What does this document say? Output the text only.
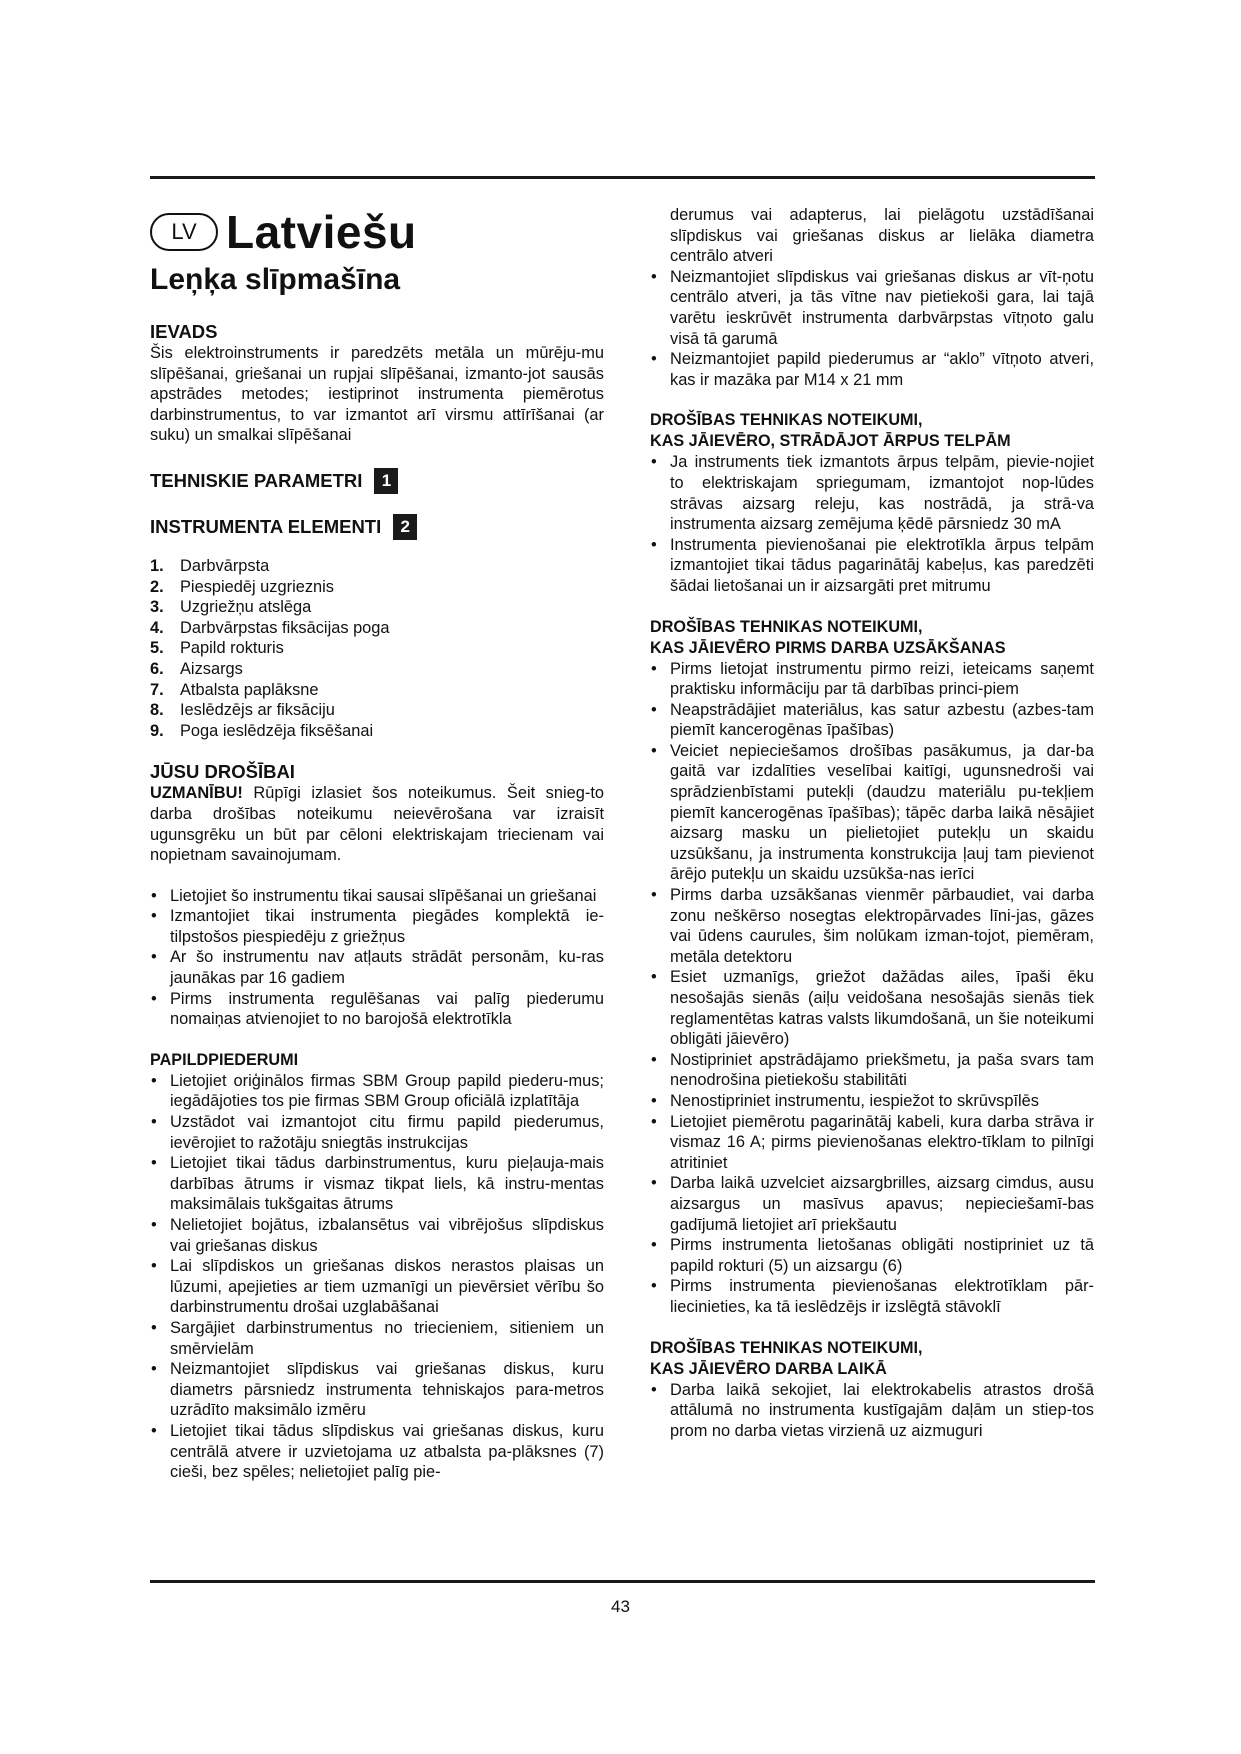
LV Latviešu
Leņķa slīpmašīna
IEVADS
Šis elektroinstruments ir paredzēts metāla un mūrēju-mu slīpēšanai, griešanai un rupjai slīpēšanai, izmanto-jot sausās apstrādes metodes; iestiprinot instrumenta piemērotus darbinstrumentus, to var izmantot arī virsmu attīrīšanai (ar suku) un smalkai slīpēšanai
TEHNISKIE PARAMETRI	1
INSTRUMENTA ELEMENTI	2
1. Darbvārpsta
2. Piespiedēj uzgrieznis
3. Uzgriežņu atslēga
4. Darbvārpstas fiksācijas poga
5. Papild rokturis
6. Aizsargs
7. Atbalsta paplāksne
8. Ieslēdzējs ar fiksāciju
9. Poga ieslēdzēja fiksēšanai
JŪSU DROŠĪBAI
UZMANĪBU! Rūpīgi izlasiet šos noteikumus. Šeit snieg-to darba drošības noteikumu neievērošana var izraisīt ugunsgrēku un būt par cēloni elektriskajam triecienam vai nopietnam savainojumam.
• Lietojiet šo instrumentu tikai sausai slīpēšanai un griešanai
• Izmantojiet tikai instrumenta piegādes komplektā ie-tilpstošos piespiedēju z griežņus
• Ar šo instrumentu nav atļauts strādāt personām, ku-ras jaunākas par 16 gadiem
• Pirms instrumenta regulēšanas vai palīg piederumu nomaiņas atvienojiet to no barojošā elektrotīkla
PAPILDPIEDERUMI
• Lietojiet oriģinālos firmas SBM Group papild piederu-mus; iegādājoties tos pie firmas SBM Group oficiālā izplatītāja
• Uzstādot vai izmantojot citu firmu papild piederumus, ievērojiet to ražotāju sniegtās instrukcijas
• Lietojiet tikai tādus darbinstrumentus, kuru pieļauja-mais darbības ātrums ir vismaz tikpat liels, kā instru-mentas maksimālais tukšgaitas ātrums
• Nelietojiet bojātus, izbalansētus vai vibrējošus slīpdiskus vai griešanas diskus
• Lai slīpdiskos un griešanas diskos nerastos plaisas un lūzumi, apejieties ar tiem uzmanīgi un pievērsiet vērību šo darbinstrumentu drošai uzglabāšanai
• Sargājiet darbinstrumentus no triecieniem, sitieniem un smērvielām
• Neizmantojiet slīpdiskus vai griešanas diskus, kuru diametrs pārsniedz instrumenta tehniskajos para-metros uzrādīto maksimālo izmēru
• Lietojiet tikai tādus slīpdiskus vai griešanas diskus, kuru centrālā atvere ir uzvietojama uz atbalsta pa-plāksnes (7) cieši, bez spēles; nelietojiet palīg pie-
derumus vai adapterus, lai pielāgotu uzstādīšanai slīpdiskus vai griešanas diskus ar lielāka diametra centrālo atveri
• Neizmantojiet slīpdiskus vai griešanas diskus ar vīt-ņotu centrālo atveri, ja tās vītne nav pietiekoši gara, lai tajā varētu ieskrūvēt instrumenta darbvārpstas vītņoto galu visā tā garumā
• Neizmantojiet papild piederumus ar “aklo” vītņoto atveri, kas ir mazāka par M14 x 21 mm
DROŠĪBAS TEHNIKAS NOTEIKUMI,
KAS JĀIEVĒRO, STRĀDĀJOT ĀRPUS TELPĀM
• Ja instruments tiek izmantots ārpus telpām, pievie-nojiet to elektriskajam spriegumam, izmantojot nop-lūdes strāvas aizsarg releju, kas nostrādā, ja strā-va instrumenta aizsarg zemējuma ķēdē pārsniedz 30 mA
• Instrumenta pievienošanai pie elektrotīkla ārpus telpām izmantojiet tikai tādus pagarinātāj kabeļus, kas paredzēti šādai lietošanai un ir aizsargāti pret mitrumu
DROŠĪBAS TEHNIKAS NOTEIKUMI,
KAS JĀIEVĒRO PIRMS DARBA UZSĀKŠANAS
• Pirms lietojat instrumentu pirmo reizi, ieteicams saņemt praktisku informāciju par tā darbības princi-piem
• Neapstrādājiet materiālus, kas satur azbestu (azbes-tam piemīt kancerogēnas īpašības)
• Veiciet nepieciešamos drošības pasākumus, ja dar-ba gaitā var izdalīties veselībai kaitīgi, ugunsnedroši vai sprādzienbīstami putekļi (daudzu materiālu pu-tekļiem piemīt kancerogēnas īpašības); tāpēc darba laikā nēsājiet aizsarg masku un pielietojiet putekļu un skaidu uzsūkšanu, ja instrumenta konstrukcija ļauj tam pievienot ārējo putekļu un skaidu uzsūkša-nas ierīci
• Pirms darba uzsākšanas vienmēr pārbaudiet, vai darba zonu neškērso nosegtas elektropārvades līni-jas, gāzes vai ūdens caurules, šim nolūkam izman-tojot, piemēram, metāla detektoru
• Esiet uzmanīgs, griežot dažādas ailes, īpaši ēku nesošajās sienās (aiļu veidošana nesošajās sienās tiek reglamentētas katras valsts likumdošanā, un šie noteikumi obligāti jāievēro)
• Nostipriniet apstrādājamo priekšmetu, ja paša svars tam nenodrošina pietiekošu stabilitāti
• Nenostipriniet instrumentu, iespiežot to skrūvspīlēs
• Lietojiet piemērotu pagarinātāj kabeli, kura darba strāva ir vismaz 16 A; pirms pievienošanas elektro-tīklam to pilnīgi atritiniet
• Darba laikā uzvelciet aizsargbrilles, aizsarg cimdus, ausu aizsargus un masīvus apavus; nepieciešamī-bas gadījumā lietojiet arī priekšautu
• Pirms instrumenta lietošanas obligāti nostipriniet uz tā papild rokturi (5) un aizsargu (6)
• Pirms instrumenta pievienošanas elektrotīklam pār-liecinieties, ka tā ieslēdzējs ir izslēgtā stāvoklī
DROŠĪBAS TEHNIKAS NOTEIKUMI,
KAS JĀIEVĒRO DARBA LAIKĀ
• Darba laikā sekojiet, lai elektrokabelis atrastos drošā attālumā no instrumenta kustīgajām daļām un stiep-tos prom no darba vietas virzienā uz aizmuguri
43
